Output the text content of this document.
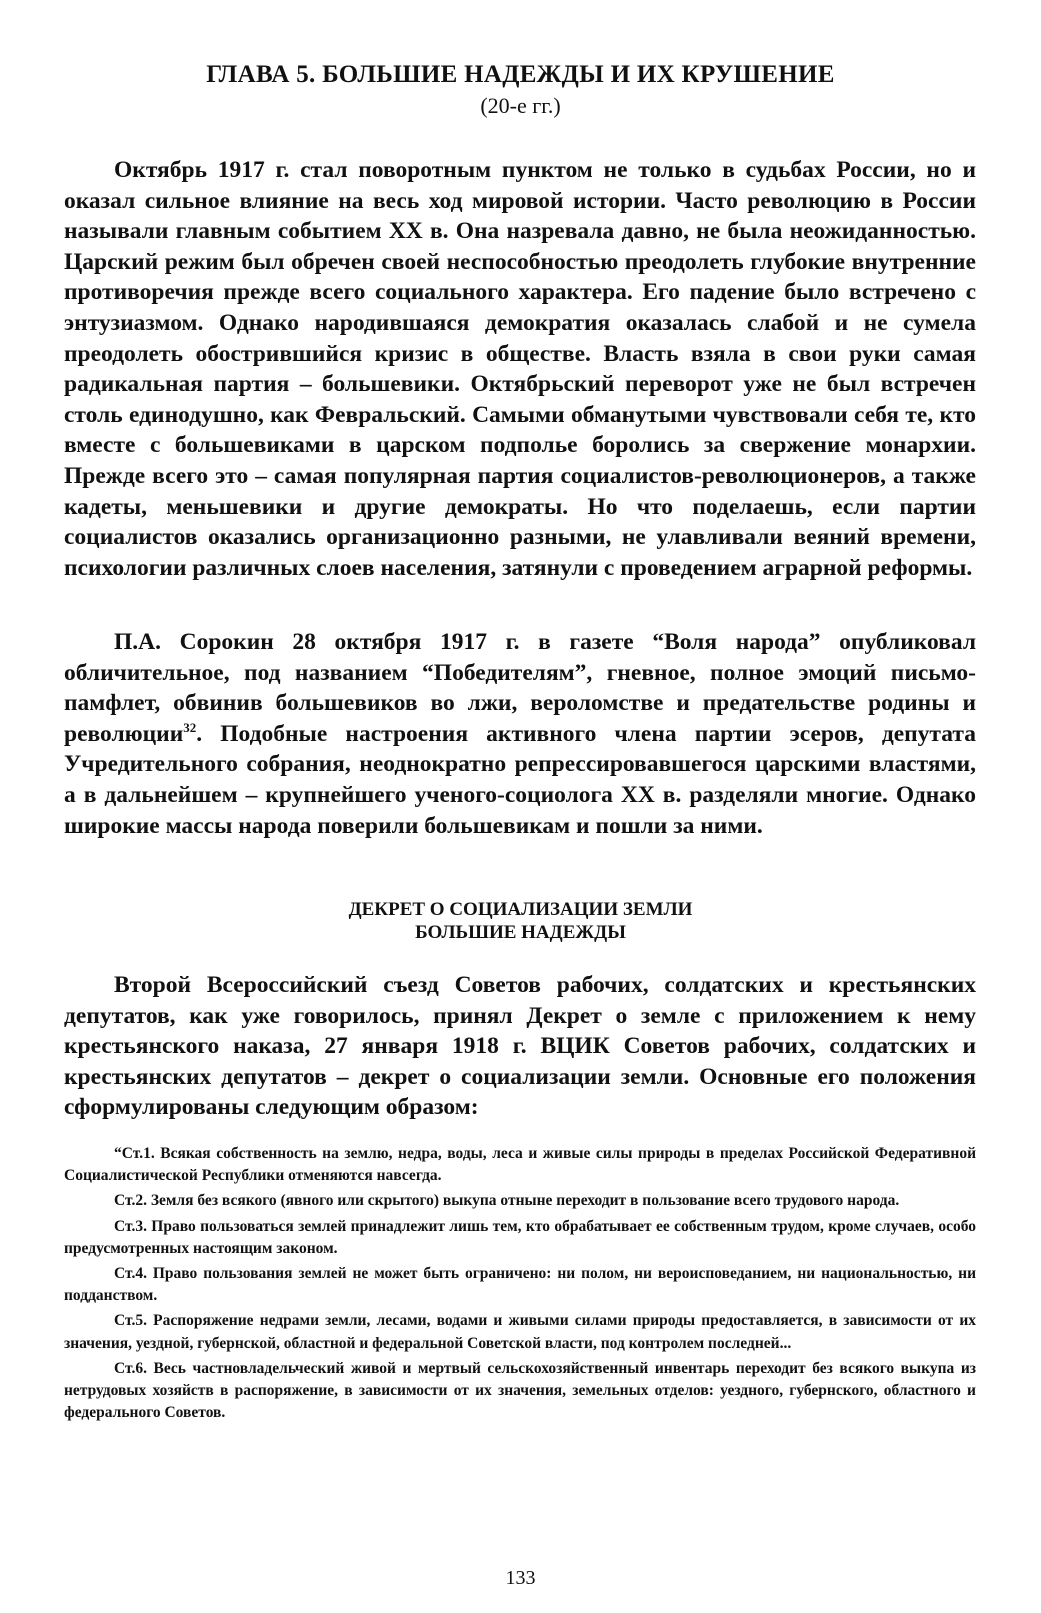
ГЛАВА 5. БОЛЬШИЕ НАДЕЖДЫ И ИХ КРУШЕНИЕ
(20-е гг.)

Октябрь 1917 г. стал поворотным пунктом не только в судьбах России, но и оказал сильное влияние на весь ход мировой истории. Часто революцию в России называли главным событием XX в. Она назревала давно, не была неожиданностью. Царский режим был обречен своей неспособностью преодолеть глубокие внутренние противоречия прежде всего социального характера. Его падение было встречено с энтузиазмом. Однако народившаяся демократия оказалась слабой и не сумела преодолеть обострившийся кризис в обществе. Власть взяла в свои руки самая радикальная партия – большевики. Октябрьский переворот уже не был встречен столь единодушно, как Февральский. Самыми обманутыми чувствовали себя те, кто вместе с большевиками в царском подполье боролись за свержение монархии. Прежде всего это – самая популярная партия социалистов-революционеров, а также кадеты, меньшевики и другие демократы. Но что поделаешь, если партии социалистов оказались организационно разными, не улавливали веяний времени, психологии различных слоев населения, затянули с проведением аграрной реформы.

П.А. Сорокин 28 октября 1917 г. в газете “Воля народа” опубликовал обличительное, под названием “Победителям”, гневное, полное эмоций письмо-памфлет, обвинив большевиков во лжи, вероломстве и предательстве родины и революции$^{32}$. Подобные настроения активного члена партии эсеров, депутата Учредительного собрания, неоднократно репрессировавшегося царскими властями, а в дальнейшем – крупнейшего ученого-социолога XX в. разделяли многие. Однако широкие массы народа поверили большевикам и пошли за ними.

ДЕКРЕТ О СОЦИАЛИЗАЦИИ ЗЕМЛИ
БОЛЬШИЕ НАДЕЖДЫ

Второй Всероссийский съезд Советов рабочих, солдатских и крестьянских депутатов, как уже говорилось, принял Декрет о земле с приложением к нему крестьянского наказа, 27 января 1918 г. ВЦИК Советов рабочих, солдатских и крестьянских депутатов – декрет о социализации земли. Основные его положения сформулированы следующим образом:

“Ст.1. Всякая собственность на землю, недра, воды, леса и живые силы природы в пределах Российской Федеративной Социалистической Республики отменяются навсегда.

Ст.2. Земля без всякого (явного или скрытого) выкупа отныне переходит в пользование всего трудового народа.

Ст.3. Право пользоваться землей принадлежит лишь тем, кто обрабатывает ее собственным трудом, кроме случаев, особо предусмотренных настоящим законом.

Ст.4. Право пользования землей не может быть ограничено: ни полом, ни вероисповеданием, ни национальностью, ни подданством.

Ст.5. Распоряжение недрами земли, лесами, водами и живыми силами природы предоставляется, в зависимости от их значения, уездной, губернской, областной и федеральной Советской власти, под контролем последней...

Ст.6. Весь частновладельческий живой и мертвый сельскохозяйственный инвентарь переходит без всякого выкупа из нетрудовых хозяйств в распоряжение, в зависимости от их значения, земельных отделов: уездного, губернского, областного и федерального Советов.

133
